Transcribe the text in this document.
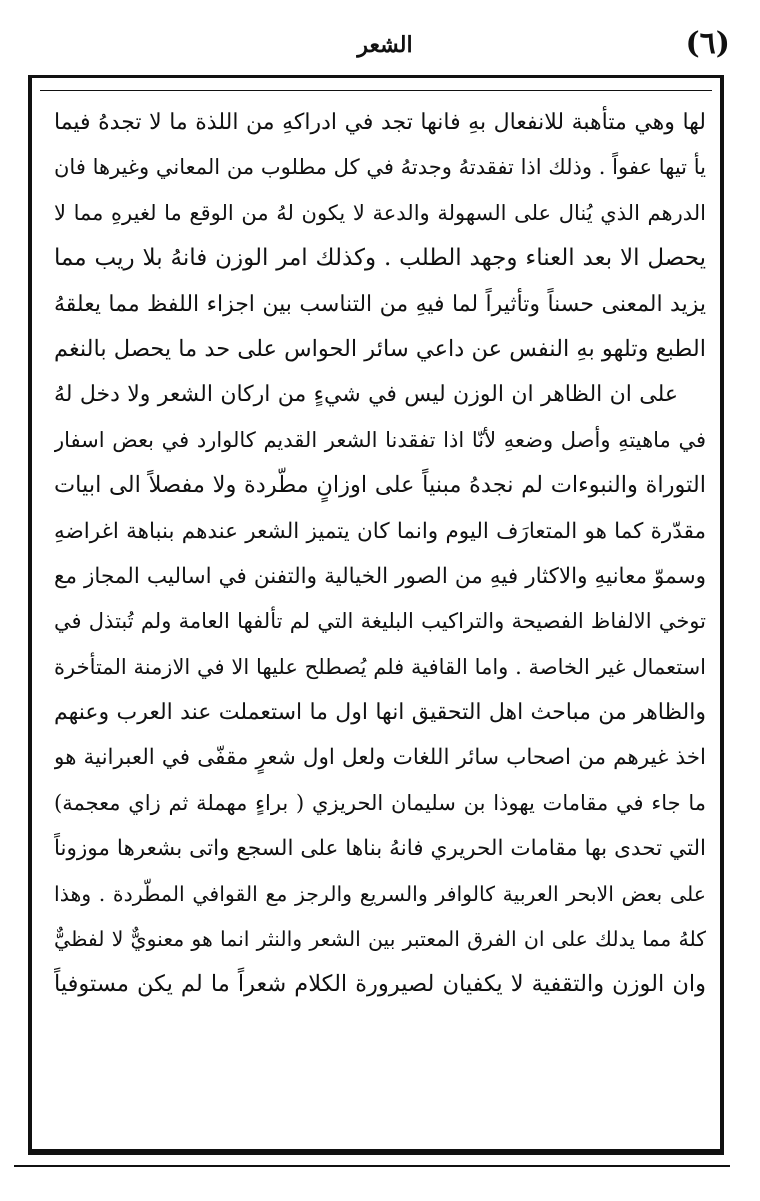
(٦)
الشعر
لها وهي متأهبة للانفعال بهِ فانها تجد في ادراكهِ من اللذة ما لا تجدهُ فيما
يأ تيها عفواً . وذلك اذا تفقدتهُ وجدتهُ في كل مطلوب من المعاني وغيرها فان
الدرهم الذي يُنال على السهولة والدعة لا يكون لهُ من الوقع ما لغيرهِ مما لا
يحصل الا بعد العناء وجهد الطلب . وكذلك امر الوزن فانهُ بلا ريب مما
يزيد المعنى حسناً وتأثيراً لما فيهِ من التناسب بين اجزاء اللفظ مما يعلقهُ
الطبع وتلهو بهِ النفس عن داعي سائر الحواس على حد ما يحصل بالنغم
على ان الظاهر ان الوزن ليس في شيءٍ من اركان الشعر ولا دخل لهُ
في ماهيتهِ وأصل وضعهِ لأنّا اذا تفقدنا الشعر القديم كالوارد في بعض اسفار
التوراة والنبوءات لم نجدهُ مبنياً على اوزانٍ مطّردة ولا مفصلاً الى ابيات
مقدّرة كما هو المتعارَف اليوم وانما كان يتميز الشعر عندهم بنباهة اغراضهِ
وسموّ معانيهِ والاكثار فيهِ من الصور الخيالية والتفنن في اساليب المجاز مع
توخي الالفاظ الفصيحة والتراكيب البليغة التي لم تألفها العامة ولم تُبتذل في
استعمال غير الخاصة . واما القافية فلم يُصطلح عليها الا في الازمنة المتأخرة
والظاهر من مباحث اهل التحقيق انها اول ما استعملت عند العرب وعنهم
اخذ غيرهم من اصحاب سائر اللغات ولعل اول شعرٍ مقفّى في العبرانية هو
ما جاء في مقامات يهوذا بن سليمان الحريزي ( براءٍ مهملة ثم زاي معجمة)
التي تحدى بها مقامات الحريري فانهُ بناها على السجع واتى بشعرها موزوناً
على بعض الابحر العربية كالوافر والسريع والرجز مع القوافي المطّردة . وهذا
كلهُ مما يدلك على ان الفرق المعتبر بين الشعر والنثر انما هو معنويٌّ لا لفظيٌّ
وان الوزن والتقفية لا يكفيان لصيرورة الكلام شعراً ما لم يكن مستوفياً
